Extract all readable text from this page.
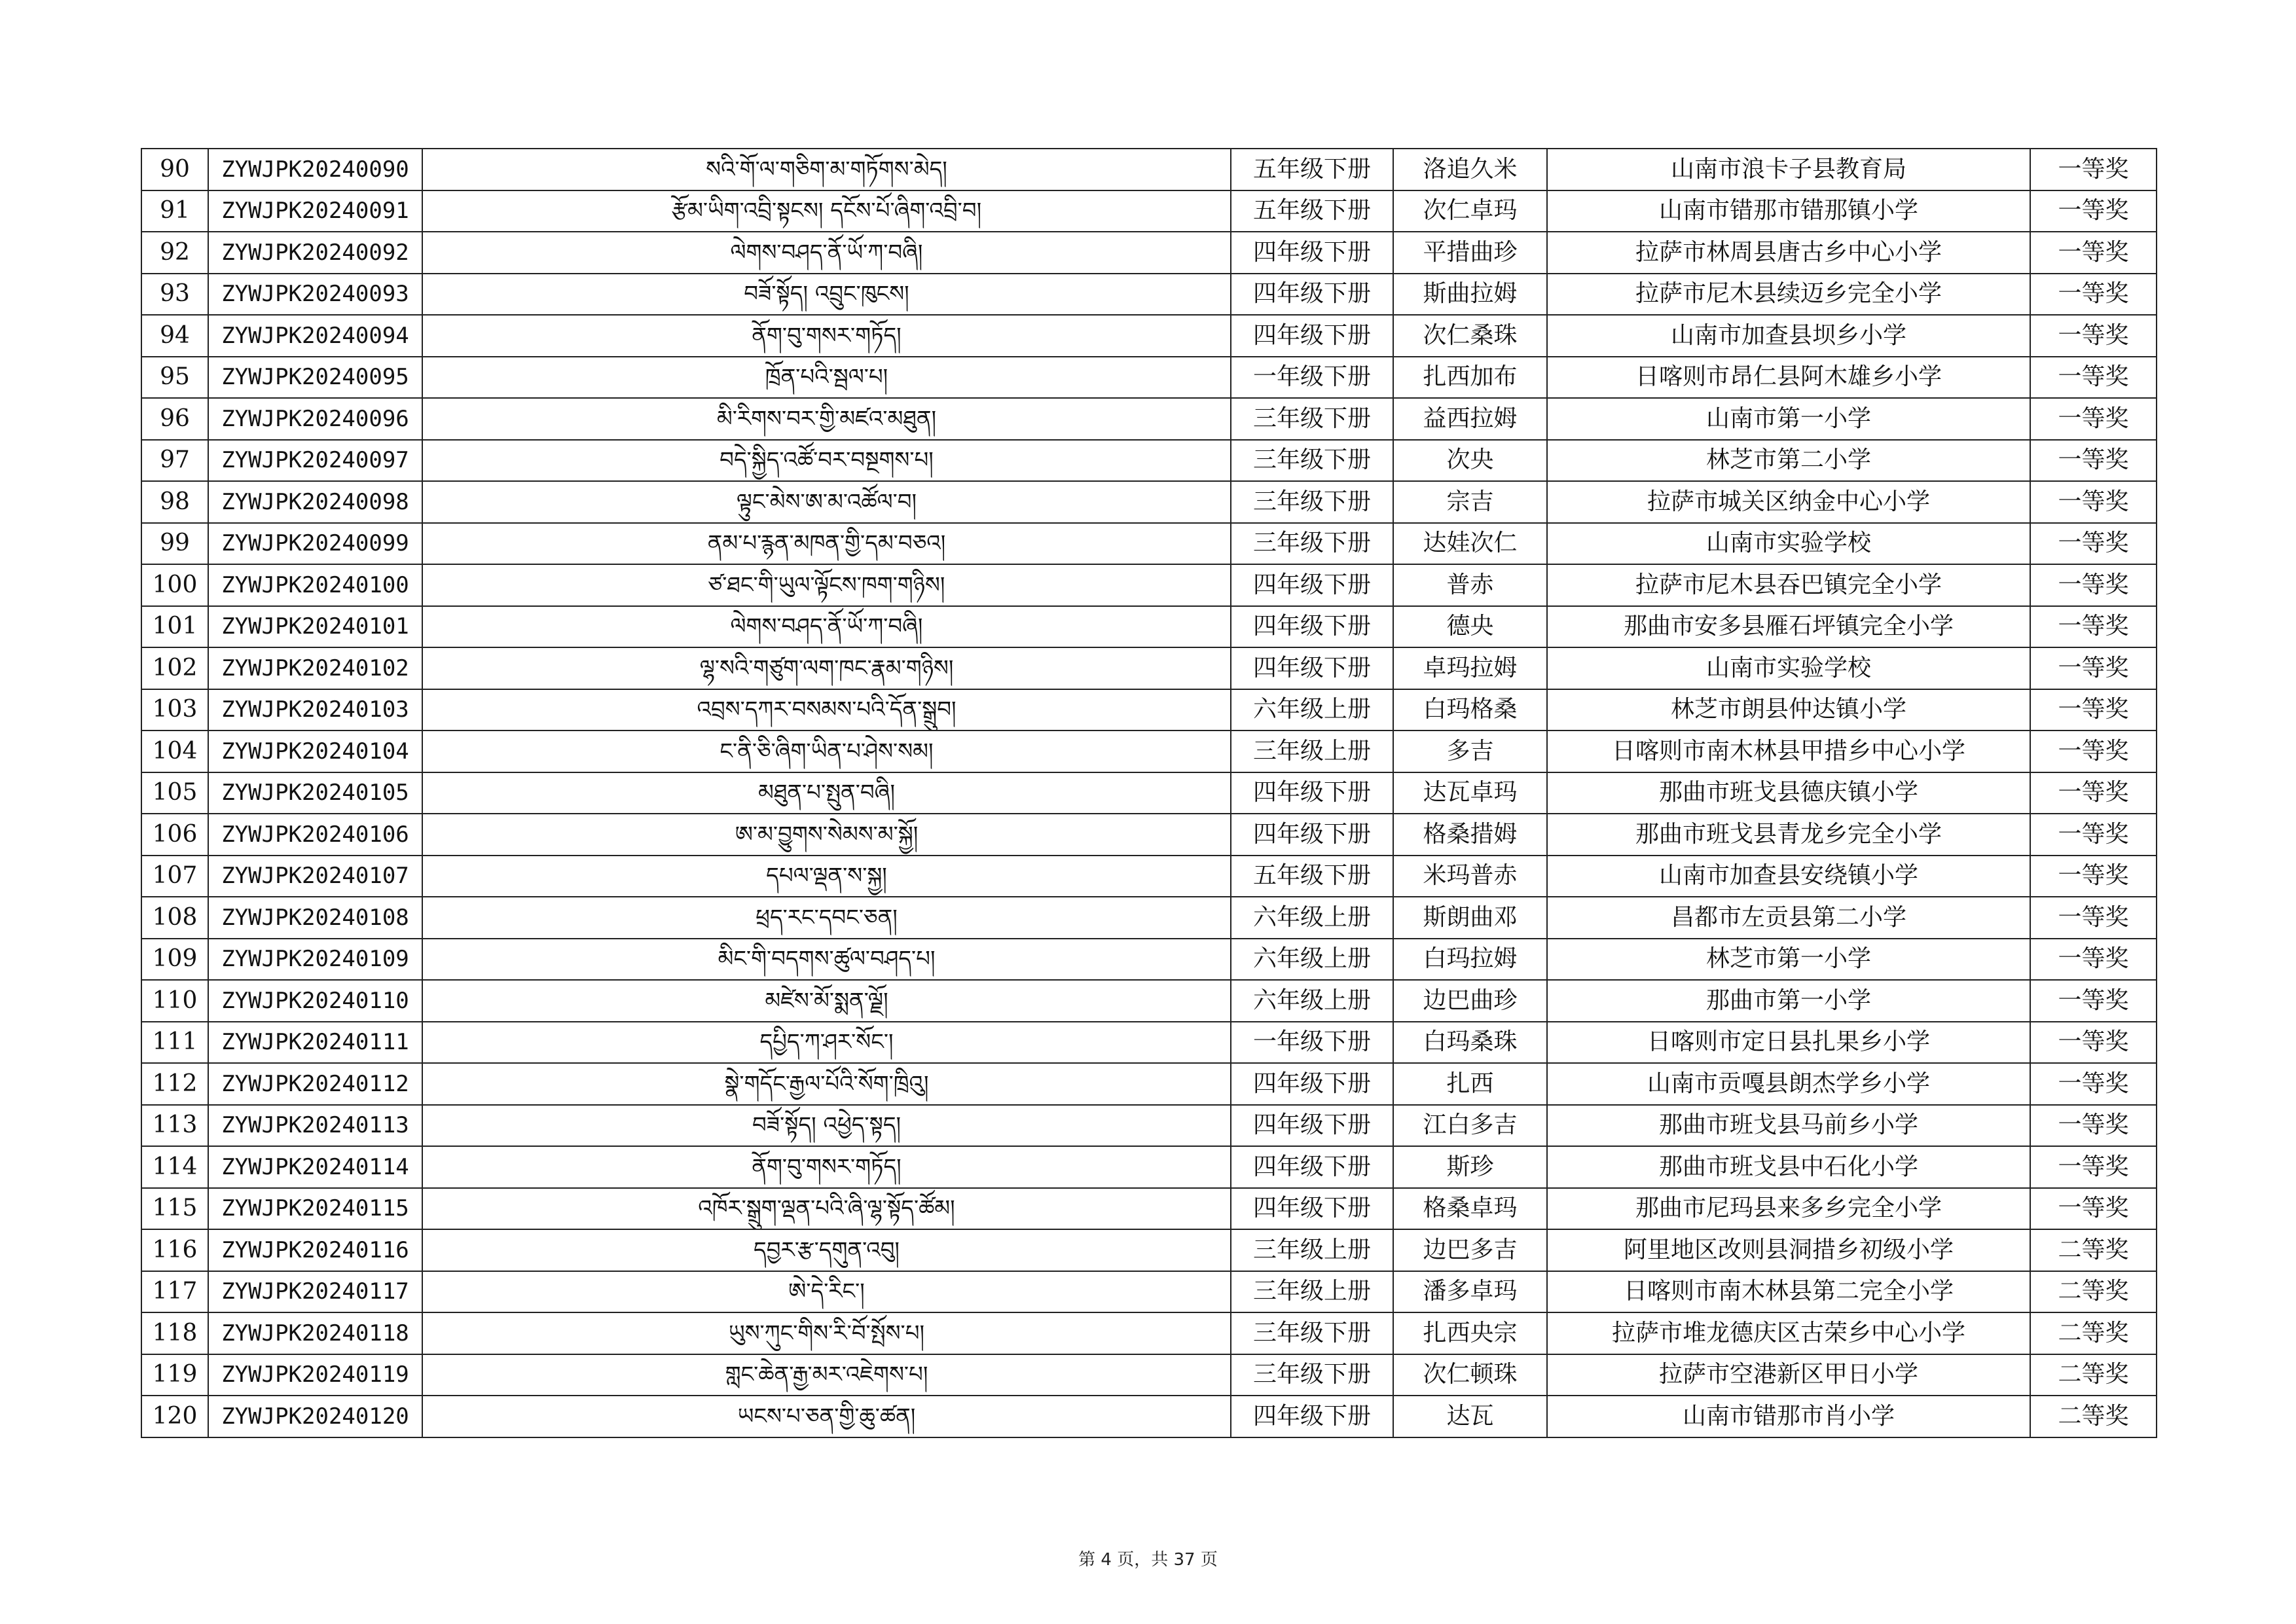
90	ZYWJPK20240090	སའི་གོ་ལ་གཅིག་མ་གཏོགས་མེད།	五年级下册	洛追久米	山南市浪卡子县教育局	一等奖
91	ZYWJPK20240091	རྩོམ་ཡིག་འབྲི་སྟངས། དངོས་པོ་ཞིག་འབྲི་བ།	五年级下册	次仁卓玛	山南市错那市错那镇小学	一等奖
92	ZYWJPK20240092	ལེགས་བཤད་ནོ་ཡོ་ཀ་བཞི།	四年级下册	平措曲珍	拉萨市林周县唐古乡中心小学	一等奖
93	ZYWJPK20240093	བཟོ་སྟོད། འབྲུང་ཁུངས།	四年级下册	斯曲拉姆	拉萨市尼木县续迈乡完全小学	一等奖
94	ZYWJPK20240094	ནོག་བུ་གསར་གཏོད།	四年级下册	次仁桑珠	山南市加查县坝乡小学	一等奖
95	ZYWJPK20240095	ཁྲོན་པའི་སྦལ་པ།	一年级下册	扎西加布	日喀则市昂仁县阿木雄乡小学	一等奖
96	ZYWJPK20240096	མི་རིགས་བར་གྱི་མཛའ་མཐུན།	三年级下册	益西拉姆	山南市第一小学	一等奖
97	ZYWJPK20240097	བདེ་སྐྱིད་འཚོ་བར་བསྔགས་པ།	三年级下册	次央	林芝市第二小学	一等奖
98	ZYWJPK20240098	ལྟུང་མེས་ཨ་མ་འཚོལ་བ།	三年级下册	宗吉	拉萨市城关区纳金中心小学	一等奖
99	ZYWJPK20240099	ནམ་པ་རྙན་མཁན་གྱི་དམ་བཅའ།	三年级下册	达娃次仁	山南市实验学校	一等奖
100	ZYWJPK20240100	ཙ་ཐང་གི་ཡུལ་ལྟོངས་ཁག་གཉིས།	四年级下册	普赤	拉萨市尼木县吞巴镇完全小学	一等奖
101	ZYWJPK20240101	ལེགས་བཤད་ནོ་ཡོ་ཀ་བཞི།	四年级下册	德央	那曲市安多县雁石坪镇完全小学	一等奖
102	ZYWJPK20240102	ལྷ་སའི་གཙུག་ལག་ཁང་རྣམ་གཉིས།	四年级下册	卓玛拉姆	山南市实验学校	一等奖
103	ZYWJPK20240103	འབྲས་དཀར་བསམས་པའི་དོན་སྒྲུབ།	六年级上册	白玛格桑	林芝市朗县仲达镇小学	一等奖
104	ZYWJPK20240104	ང་ནི་ཅི་ཞིག་ཡིན་པ་ཤེས་སམ།	三年级上册	多吉	日喀则市南木林县甲措乡中心小学	一等奖
105	ZYWJPK20240105	མཐུན་པ་སྤུན་བཞི།	四年级下册	达瓦卓玛	那曲市班戈县德庆镇小学	一等奖
106	ZYWJPK20240106	ཨ་མ་བྱུགས་སེམས་མ་སྐྱོ།	四年级下册	格桑措姆	那曲市班戈县青龙乡完全小学	一等奖
107	ZYWJPK20240107	དཔལ་ལྡན་ས་སྐྱ།	五年级下册	米玛普赤	山南市加查县安绕镇小学	一等奖
108	ZYWJPK20240108	ཕྲད་རང་དབང་ཅན།	六年级上册	斯朗曲邓	昌都市左贡县第二小学	一等奖
109	ZYWJPK20240109	མིང་གི་བདགས་ཚུལ་བཤད་པ།	六年级上册	白玛拉姆	林芝市第一小学	一等奖
110	ZYWJPK20240110	མཛེས་མོ་སྨན་ལྗོ།	六年级上册	边巴曲珍	那曲市第一小学	一等奖
111	ZYWJPK20240111	དཔྱིད་ཀ་ཤར་སོང་།	一年级下册	白玛桑珠	日喀则市定日县扎果乡小学	一等奖
112	ZYWJPK20240112	སྣེ་གདོང་རྒྱལ་པོའི་སོག་ཁྲིའུ།	四年级下册	扎西	山南市贡嘎县朗杰学乡小学	一等奖
113	ZYWJPK20240113	བཟོ་སྟོད། འཕྱེད་སྟད།	四年级下册	江白多吉	那曲市班戈县马前乡小学	一等奖
114	ZYWJPK20240114	ནོག་བུ་གསར་གཏོད།	四年级下册	斯珍	那曲市班戈县中石化小学	一等奖
115	ZYWJPK20240115	འཁོར་སྒྲུག་ལྡན་པའི་ཞི་ལྷ་སྟོད་ཚོམ།	四年级下册	格桑卓玛	那曲市尼玛县来多乡完全小学	一等奖
116	ZYWJPK20240116	དབྱར་རྩ་དགུན་འབུ།	三年级上册	边巴多吉	阿里地区改则县洞措乡初级小学	二等奖
117	ZYWJPK20240117	ཨེ་དེ་རིང་།	三年级上册	潘多卓玛	日喀则市南木林县第二完全小学	二等奖
118	ZYWJPK20240118	ཡུས་ཀུང་གིས་རི་བོ་སྤོས་པ།	三年级下册	扎西央宗	拉萨市堆龙德庆区古荣乡中心小学	二等奖
119	ZYWJPK20240119	གླང་ཆེན་རྒྱ་མར་འཇེགས་པ།	三年级下册	次仁顿珠	拉萨市空港新区甲日小学	二等奖
120	ZYWJPK20240120	ཡངས་པ་ཅན་གྱི་ཆུ་ཚན།	四年级下册	达瓦	山南市错那市肖小学	二等奖
第 4 页，共 37 页
